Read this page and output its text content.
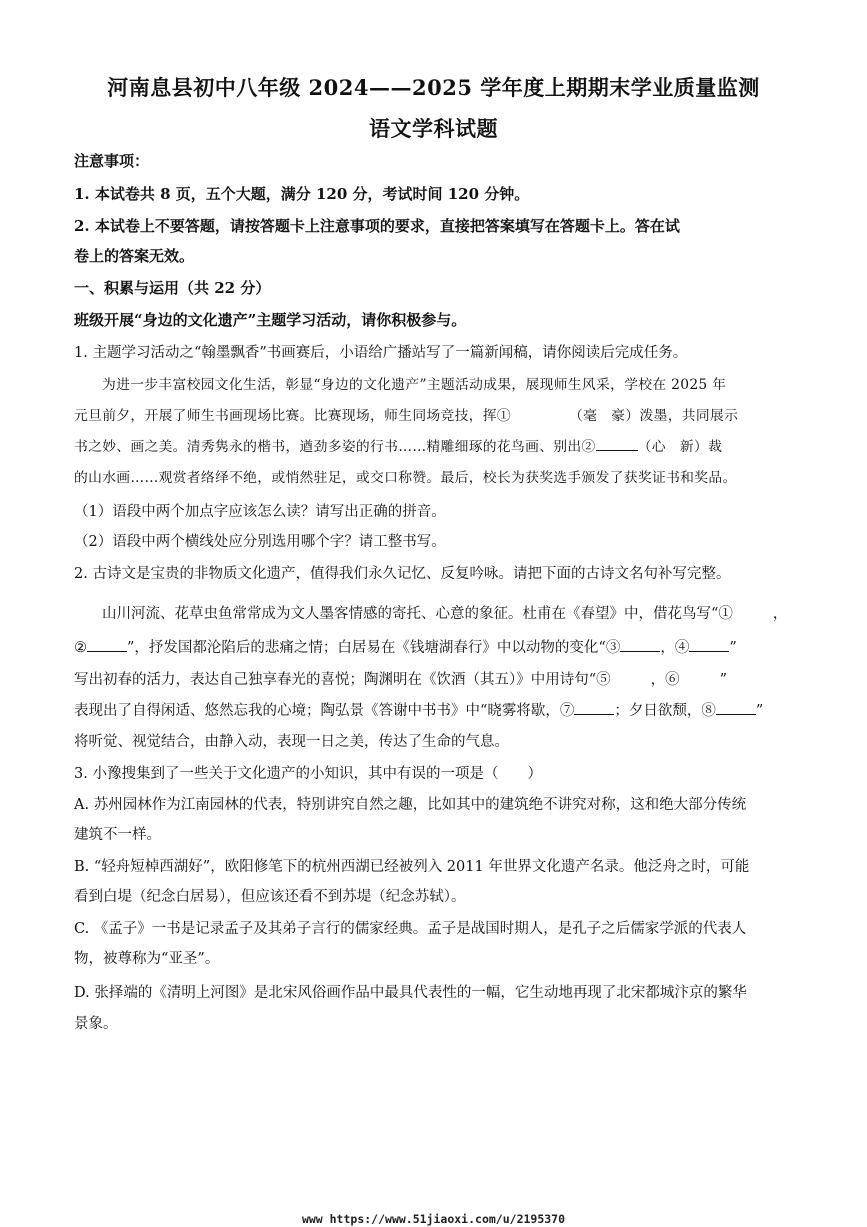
河南息县初中八年级 2024——2025 学年度上期期末学业质量监测
语文学科试题
注意事项：
1. 本试卷共 8 页，五个大题，满分 120 分，考试时间 120 分钟。
2. 本试卷上不要答题，请按答题卡上注意事项的要求，直接把答案填写在答题卡上。答在试
卷上的答案无效。
一、积累与运用（共 22 分）
班级开展“身边的文化遗产”主题学习活动，请你积极参与。
1. 主题学习活动之“翰墨飘香”书画赛后，小语给广播站写了一篇新闻稿，请你阅读后完成任务。
为进一步丰富校园文化生活，彰显“身边的文化遗产”主题活动成果，展现师生风采，学校在 2025 年
元旦前夕，开展了师生书画现场比赛。比赛现场，师生同场竞技，挥①	（毫　豪）泼墨，共同展示
书之妙、画之美。清秀隽永的楷书，遒劲多姿的行书……精雕细琢的花鸟画、别出②	（心　新）裁
的山水画……观赏者络绎不绝，或悄然驻足，或交口称赞。最后，校长为获奖选手颁发了获奖证书和奖品。
（1）语段中两个加点字应该怎么读？请写出正确的拼音。
（2）语段中两个横线处应分别选用哪个字？请工整书写。
2. 古诗文是宝贵的非物质文化遗产，值得我们永久记忆、反复吟咏。请把下面的古诗文名句补写完整。
山川河流、花草虫鱼常常成为文人墨客情感的寄托、心意的象征。杜甫在《春望》中，借花鸟写“①	，
②	”，抒发国都沦陷后的悲痛之情；白居易在《钱塘湖春行》中以动物的变化“③	，④	”
写出初春的活力，表达自己独享春光的喜悦；陶渊明在《饮酒（其五）》中用诗句“⑤	，⑥	”
表现出了自得闲适、悠然忘我的心境；陶弘景《答谢中书书》中“晓雾将歇，⑦	；夕日欲颓，⑧	”
将听觉、视觉结合，由静入动，表现一日之美，传达了生命的气息。
3. 小豫搜集到了一些关于文化遗产的小知识，其中有误的一项是（　　）
A. 苏州园林作为江南园林的代表，特别讲究自然之趣，比如其中的建筑绝不讲究对称，这和绝大部分传统
建筑不一样。
B. “轻舟短棹西湖好”，欧阳修笔下的杭州西湖已经被列入 2011 年世界文化遗产名录。他泛舟之时，可能
看到白堤（纪念白居易），但应该还看不到苏堤（纪念苏轼）。
C. 《孟子》一书是记录孟子及其弟子言行的儒家经典。孟子是战国时期人，是孔子之后儒家学派的代表人
物，被尊称为“亚圣”。
D. 张择端的《清明上河图》是北宋风俗画作品中最具代表性的一幅，它生动地再现了北宋都城汴京的繁华
景象。
www https://www.51jiaoxi.com/u/2195370
